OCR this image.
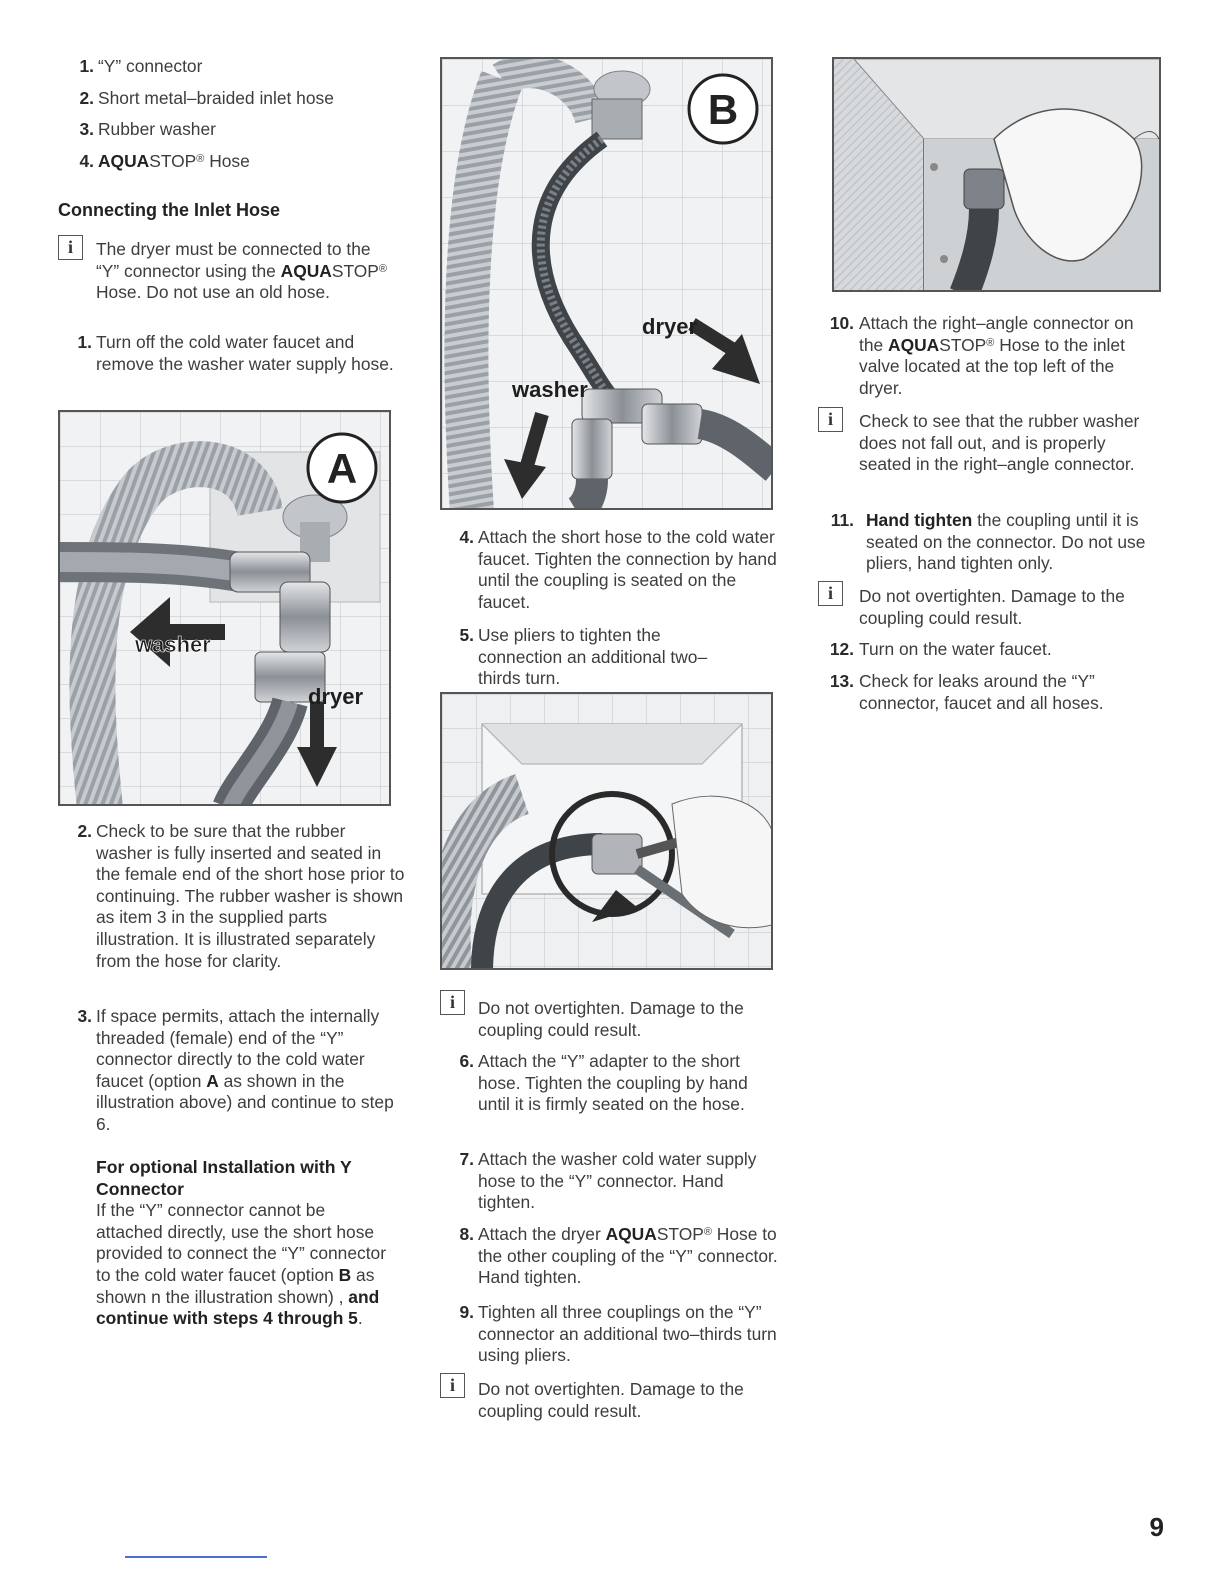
1. “Y” connector
2. Short metal–braided inlet hose
3. Rubber washer
4. AQUASTOP® Hose
Connecting the Inlet Hose
i	The dryer must be connected to the “Y” connector using the AQUASTOP® Hose. Do not use an old hose.
1. Turn off the cold water faucet and remove the washer water supply hose.
A
washer
dryer
2. Check to be sure that the rubber washer is fully inserted and seated in the female end of the short hose prior to continuing. The rubber washer is shown as item 3 in the supplied parts illustration. It is illustrated separately from the hose for clarity.
3. If space permits, attach the internally threaded (female) end of the “Y” connector directly to the cold water faucet (option A as shown in the illustration above) and continue to step 6.
For optional Installation with Y Connector
If the “Y” connector cannot be attached directly, use the short hose provided to connect the “Y” connector to the cold water faucet (option B as shown n the illustration shown) , and continue with steps 4 through 5.
B
washer
dryer
4. Attach the short hose to the cold water faucet. Tighten the connection by hand until the coupling is seated on the faucet.
5. Use pliers to tighten the connection an additional two–thirds turn.
i	Do not overtighten. Damage to the coupling could result.
6. Attach the “Y” adapter to the short hose. Tighten the coupling by hand until it is firmly seated on the hose.
7. Attach the washer cold water supply hose to the “Y” connector. Hand tighten.
8. Attach the dryer AQUASTOP® Hose to the other coupling of the “Y” connector. Hand tighten.
9. Tighten all three couplings on the “Y” connector an additional two–thirds turn using pliers.
i	Do not overtighten. Damage to the coupling could result.
10. Attach the right–angle connector on the AQUASTOP® Hose to the inlet valve located at the top left of the dryer.
i	Check to see that the rubber washer does not fall out, and is properly seated in the right–angle connector.
11. Hand tighten the coupling until it is seated on the connector. Do not use pliers, hand tighten only.
i	Do not overtighten. Damage to the coupling could result.
12. Turn on the water faucet.
13. Check for leaks around the “Y” connector, faucet and all hoses.
9
